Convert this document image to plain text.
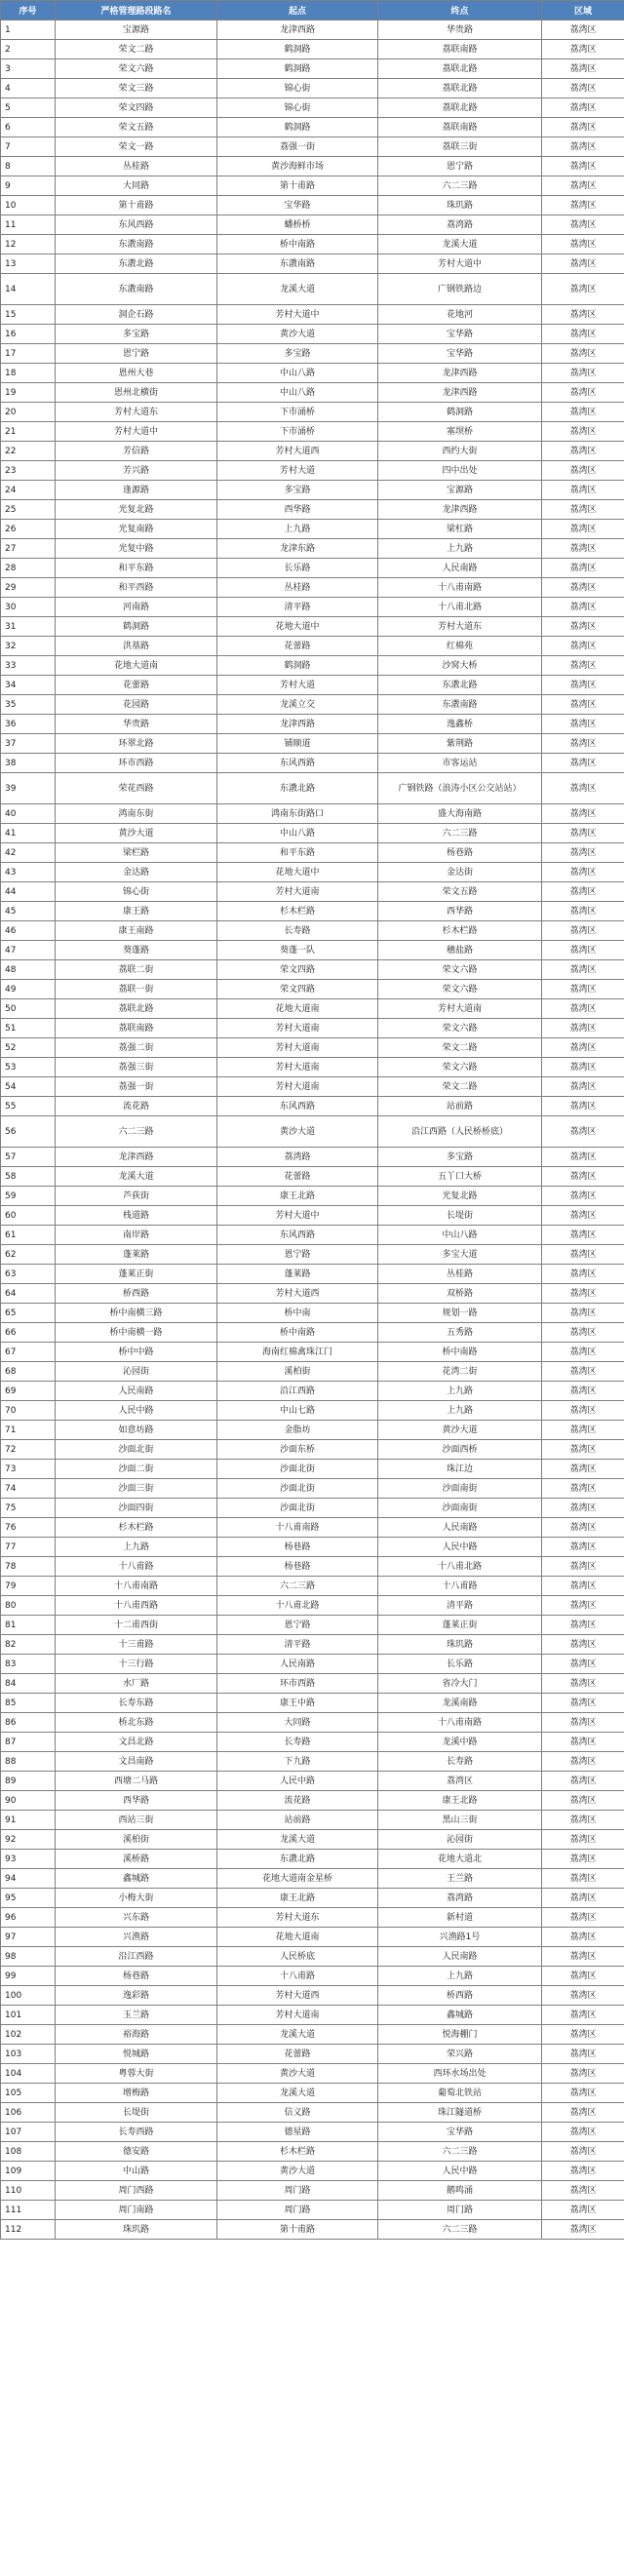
序号	严格管理路段路名	起点	终点	区域
1	宝源路	龙津西路	华贵路	荔湾区
2	荣文二路	鹤洞路	荔联南路	荔湾区
3	荣文六路	鹤洞路	荔联北路	荔湾区
4	荣文三路	锦心街	荔联北路	荔湾区
5	荣文四路	锦心街	荔联北路	荔湾区
6	荣文五路	鹤洞路	荔联南路	荔湾区
7	荣文一路	荔强一街	荔联三街	荔湾区
8	丛桂路	黄沙海鲜市场	恩宁路	荔湾区
9	大同路	第十甫路	六二三路	荔湾区
10	第十甫路	宝华路	珠玑路	荔湾区
11	东风西路	蟠桥桥	荔湾路	荔湾区
12	东漖南路	桥中南路	龙溪大道	荔湾区
13	东漖北路	东漖南路	芳村大道中	荔湾区
14	东漖南路	龙溪大道	广钢铁路边	荔湾区
15	洞企石路	芳村大道中	花地河	荔湾区
16	多宝路	黄沙大道	宝华路	荔湾区
17	恩宁路	多宝路	宝华路	荔湾区
18	恩州大巷	中山八路	龙津西路	荔湾区
19	恩州北横街	中山八路	龙津西路	荔湾区
20	芳村大道东	下市涌桥	鹤洞路	荔湾区
21	芳村大道中	下市涌桥	塞坝桥	荔湾区
22	芳信路	芳村大道西	西约大街	荔湾区
23	芳兴路	芳村大道	四中出处	荔湾区
24	逢源路	多宝路	宝源路	荔湾区
25	光复北路	西华路	龙津西路	荔湾区
26	光复南路	上九路	梁杠路	荔湾区
27	光复中路	龙津东路	上九路	荔湾区
28	和平东路	长乐路	人民南路	荔湾区
29	和平西路	丛桂路	十八甫南路	荔湾区
30	河南路	清平路	十八甫北路	荔湾区
31	鹤洞路	花地大道中	芳村大道东	荔湾区
32	洪基路	花蕾路	红棉苑	荔湾区
33	花地大道南	鹤洞路	沙窝大桥	荔湾区
34	花蕾路	芳村大道	东漖北路	荔湾区
35	花园路	龙溪立交	东漖南路	荔湾区
36	华贵路	龙津西路	逸鑫桥	荔湾区
37	环翠北路	铺顺道	紫荆路	荔湾区
38	环市西路	东风西路	市客运站	荔湾区
39	荣花西路	东漖北路	广钢铁路（浪涛小区公交站站）	荔湾区
40	鸿南东街	鸿南东街路口	盛大海南路	荔湾区
41	黄沙大道	中山八路	六二三路	荔湾区
42	梁栏路	和平东路	杨巷路	荔湾区
43	金达路	花地大道中	金达街	荔湾区
44	锦心街	芳村大道南	荣文五路	荔湾区
45	康王路	杉木栏路	西华路	荔湾区
46	康王南路	长寿路	杉木栏路	荔湾区
47	葵蓬路	葵蓬一队	穗盐路	荔湾区
48	荔联二街	荣文四路	荣文六路	荔湾区
49	荔联一街	荣文四路	荣文六路	荔湾区
50	荔联北路	花地大道南	芳村大道南	荔湾区
51	荔联南路	芳村大道南	荣文六路	荔湾区
52	荔强二街	芳村大道南	荣文二路	荔湾区
53	荔强三街	芳村大道南	荣文六路	荔湾区
54	荔强一街	芳村大道南	荣文二路	荔湾区
55	流花路	东风西路	站前路	荔湾区
56	六二三路	黄沙大道	沿江西路（人民桥桥底）	荔湾区
57	龙津西路	荔湾路	多宝路	荔湾区
58	龙溪大道	花蕾路	五丫口大桥	荔湾区
59	芦荻街	康王北路	光复北路	荔湾区
60	栈道路	芳村大道中	长堤街	荔湾区
61	南岸路	东风西路	中山八路	荔湾区
62	蓬莱路	恩宁路	多宝大道	荔湾区
63	蓬莱正街	蓬莱路	丛桂路	荔湾区
64	桥西路	芳村大道西	双桥路	荔湾区
65	桥中南横三路	桥中南	规划一路	荔湾区
66	桥中南横一路	桥中南路	五秀路	荔湾区
67	桥中中路	海南红棉禽珠江门	桥中南路	荔湾区
68	沁园街	溪柏街	花湾二街	荔湾区
69	人民南路	沿江西路	上九路	荔湾区
70	人民中路	中山七路	上九路	荔湾区
71	如意坊路	金脂坊	黄沙大道	荔湾区
72	沙面北街	沙面东桥	沙面西桥	荔湾区
73	沙面二街	沙面北街	珠江边	荔湾区
74	沙面三街	沙面北街	沙面南街	荔湾区
75	沙面四街	沙面北街	沙面南街	荔湾区
76	杉木栏路	十八甫南路	人民南路	荔湾区
77	上九路	杨巷路	人民中路	荔湾区
78	十八甫路	杨巷路	十八甫北路	荔湾区
79	十八甫南路	六二三路	十八甫路	荔湾区
80	十八甫西路	十八甫北路	清平路	荔湾区
81	十二甫西街	恩宁路	蓬莱正街	荔湾区
82	十三甫路	清平路	珠玑路	荔湾区
83	十三行路	人民南路	长乐路	荔湾区
84	水厂路	环市西路	省冷大门	荔湾区
85	长寿东路	康王中路	龙溪南路	荔湾区
86	桥北东路	大同路	十八甫南路	荔湾区
87	文昌北路	长寿路	龙溪中路	荔湾区
88	文昌南路	下九路	长寿路	荔湾区
89	西塘二马路	人民中路	荔湾区	荔湾区
90	西华路	流花路	康王北路	荔湾区
91	西站三街	站前路	黑山三街	荔湾区
92	溪柏街	龙溪大道	沁园街	荔湾区
93	溪桥路	东漖北路	花地大道北	荔湾区
94	鑫城路	花地大道南金星桥	王兰路	荔湾区
95	小梅大街	康王北路	荔湾路	荔湾区
96	兴东路	芳村大道东	新村道	荔湾区
97	兴渔路	花地大道南	兴渔路1号	荔湾区
98	沿江西路	人民桥底	人民南路	荔湾区
99	杨巷路	十八甫路	上九路	荔湾区
100	逸彩路	芳村大道西	桥西路	荔湾区
101	玉兰路	芳村大道南	鑫城路	荔湾区
102	裕海路	龙溪大道	悦海棚门	荔湾区
103	悦城路	花蕾路	荣兴路	荔湾区
104	粤蓉大街	黄沙大道	西环水场出处	荔湾区
105	增梅路	龙溪大道	葡萄北铁站	荔湾区
106	长堤街	信义路	珠江隧道桥	荔湾区
107	长寿西路	德星路	宝华路	荔湾区
108	德安路	杉木栏路	六二三路	荔湾区
109	中山路	黄沙大道	人民中路	荔湾区
110	周门西路	周门路	鹅鸣涌	荔湾区
111	周门南路	周门路	周门路	荔湾区
112	珠玑路	第十甫路	六二三路	荔湾区
